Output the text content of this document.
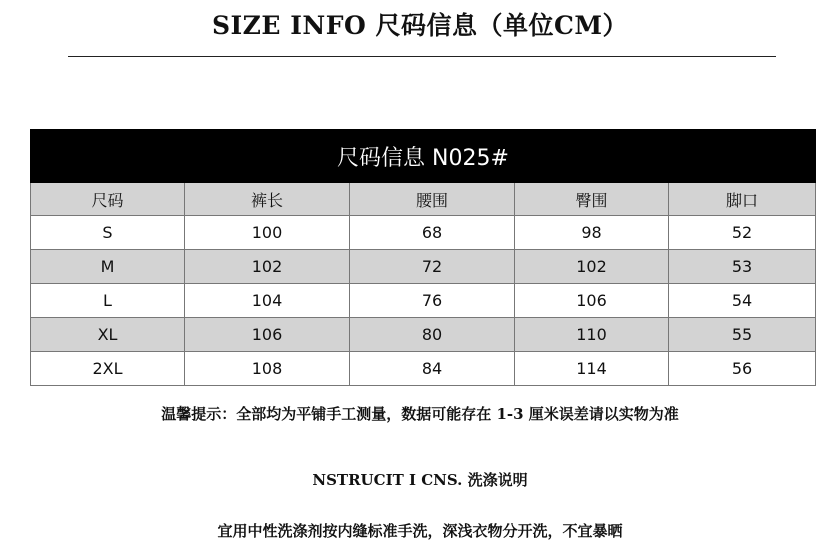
SIZE INFO 尺码信息（单位CM）
尺码信息 N025#				
尺码	裤长	腰围	臀围	脚口
S	100	68	98	52
M	102	72	102	53
L	104	76	106	54
XL	106	80	110	55
2XL	108	84	114	56
温馨提示：全部均为平铺手工测量，数据可能存在 1-3 厘米误差请以实物为准
NSTRUCIT I CNS. 洗涤说明
宜用中性洗涤剂按内缝标准手洗，深浅衣物分开洗，不宜暴晒
